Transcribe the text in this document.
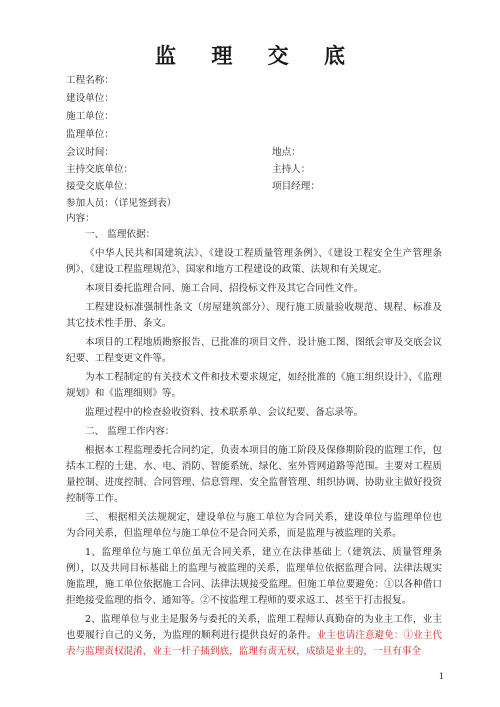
监 理 交 底
工程名称：
建设单位：
施工单位：
监理单位：
会议时间：	地点：
主持交底单位：	主持人：
接受交底单位：	项目经理：
参加人员：（详见签到表）
内容：

一、 监理依据：

《中华人民共和国建筑法》、《建设工程质量管理条例》、《建设工程安全生产管理条例》、《建设工程监理规范》、国家和地方工程建设的政策、法规和有关规定。

本项目委托监理合同、施工合同、招投标文件及其它合同性文件。

工程建设标准强制性条文（房屋建筑部分）、现行施工质量验收规范、规程、标准及其它技术性手册、条文。

本项目的工程地质勘察报告、已批准的项目文件、设计施工图、图纸会审及交底会议纪要、工程变更文件等。

为本工程制定的有关技术文件和技术要求规定，如经批准的《施工组织设计》、《监理规划》和《监理细则》等。

监理过程中的检查验收资料、技术联系单、会议纪要、备忘录等。

二、 监理工作内容：

根据本工程监理委托合同约定，负责本项目的施工阶段及保修期阶段的监理工作，包括本工程的土建、水、电、消防、智能系统、绿化、室外管网道路等范围。主要对工程质量控制、进度控制、合同管理、信息管理、安全监督管理、组织协调、协助业主做好投资控制等工作。

三、 根据相关法规规定，建设单位与施工单位为合同关系，建设单位与监理单位也为合同关系，但监理单位与施工单位不是合同关系，而是监理与被监理的关系。

1、监理单位与施工单位虽无合同关系，建立在法律基础上（建筑法、质量管理条例），以及共同目标基础上的监理与被监理的关系，监理单位依据监理合同、法律法规实施监理，施工单位依据施工合同、法律法规接受监理。但施工单位要避免：①以各种借口拒绝接受监理的指令、通知等。②不按监理工程师的要求返工、甚至于打击报复。

2、监理单位与业主是服务与委托的关系，监理工程师认真勤奋的为业主工作，业主也要履行自己的义务，为监理的顺利进行提供良好的条件。业主也请注意避免：①业主代表与监理责权混淆，业主一杆子插到底，监理有责无权，成绩是业主的，一旦有事全

1
